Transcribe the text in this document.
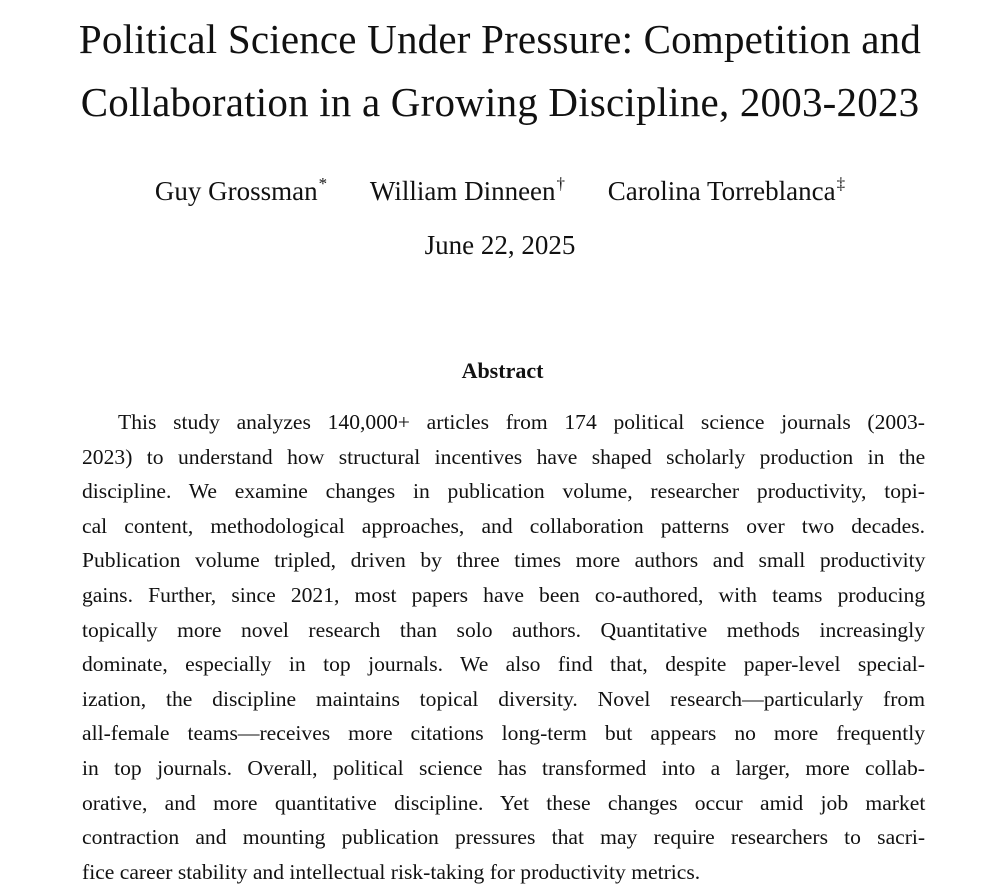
Political Science Under Pressure: Competition and
Collaboration in a Growing Discipline, 2003-2023
Guy Grossman* William Dinneen† Carolina Torreblanca‡
June 22, 2025
Abstract
This study analyzes 140,000+ articles from 174 political science journals (2003-
2023) to understand how structural incentives have shaped scholarly production in the
discipline. We examine changes in publication volume, researcher productivity, topi-
cal content, methodological approaches, and collaboration patterns over two decades.
Publication volume tripled, driven by three times more authors and small productivity
gains. Further, since 2021, most papers have been co-authored, with teams producing
topically more novel research than solo authors. Quantitative methods increasingly
dominate, especially in top journals. We also find that, despite paper-level special-
ization, the discipline maintains topical diversity. Novel research—particularly from
all-female teams—receives more citations long-term but appears no more frequently
in top journals. Overall, political science has transformed into a larger, more collab-
orative, and more quantitative discipline. Yet these changes occur amid job market
contraction and mounting publication pressures that may require researchers to sacri-
fice career stability and intellectual risk-taking for productivity metrics.
